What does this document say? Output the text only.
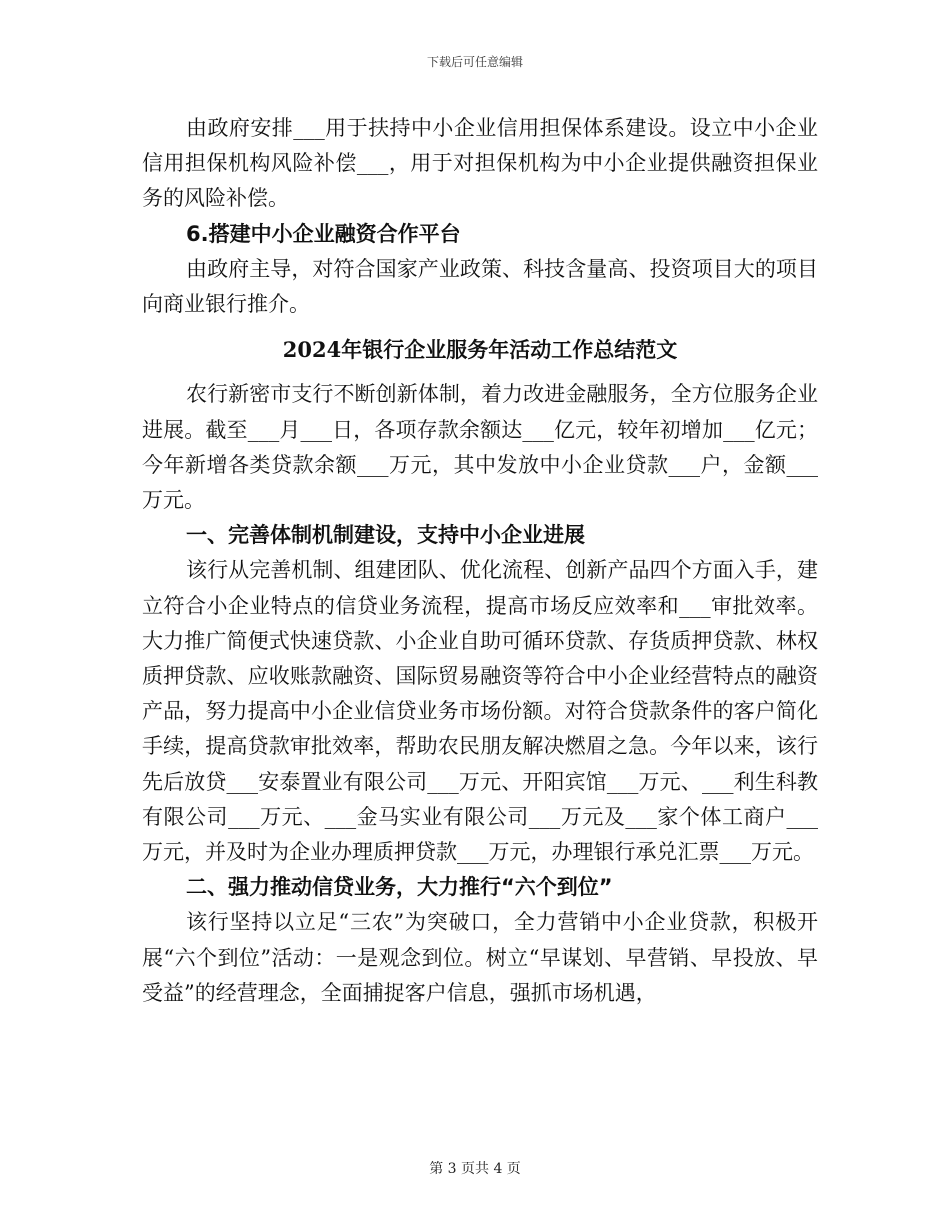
下载后可任意编辑

由政府安排___用于扶持中小企业信用担保体系建设。设立中小企业信用担保机构风险补偿___，用于对担保机构为中小企业提供融资担保业务的风险补偿。

6.搭建中小企业融资合作平台

由政府主导，对符合国家产业政策、科技含量高、投资项目大的项目向商业银行推介。

2024年银行企业服务年活动工作总结范文

农行新密市支行不断创新体制，着力改进金融服务，全方位服务企业进展。截至___月___日，各项存款余额达___亿元，较年初增加___亿元；今年新增各类贷款余额___万元，其中发放中小企业贷款___户，金额___万元。

一、完善体制机制建设，支持中小企业进展

该行从完善机制、组建团队、优化流程、创新产品四个方面入手，建立符合小企业特点的信贷业务流程，提高市场反应效率和___审批效率。大力推广简便式快速贷款、小企业自助可循环贷款、存货质押贷款、林权质押贷款、应收账款融资、国际贸易融资等符合中小企业经营特点的融资产品，努力提高中小企业信贷业务市场份额。对符合贷款条件的客户简化手续，提高贷款审批效率，帮助农民朋友解决燃眉之急。今年以来，该行先后放贷___安泰置业有限公司___万元、开阳宾馆___万元、___利生科教有限公司___万元、___金马实业有限公司___万元及___家个体工商户___万元，并及时为企业办理质押贷款___万元，办理银行承兑汇票___万元。

二、强力推动信贷业务，大力推行“六个到位”

该行坚持以立足“三农”为突破口，全力营销中小企业贷款，积极开展“六个到位”活动：一是观念到位。树立“早谋划、早营销、早投放、早受益”的经营理念，全面捕捉客户信息，强抓市场机遇，

第 3 页共 4 页
